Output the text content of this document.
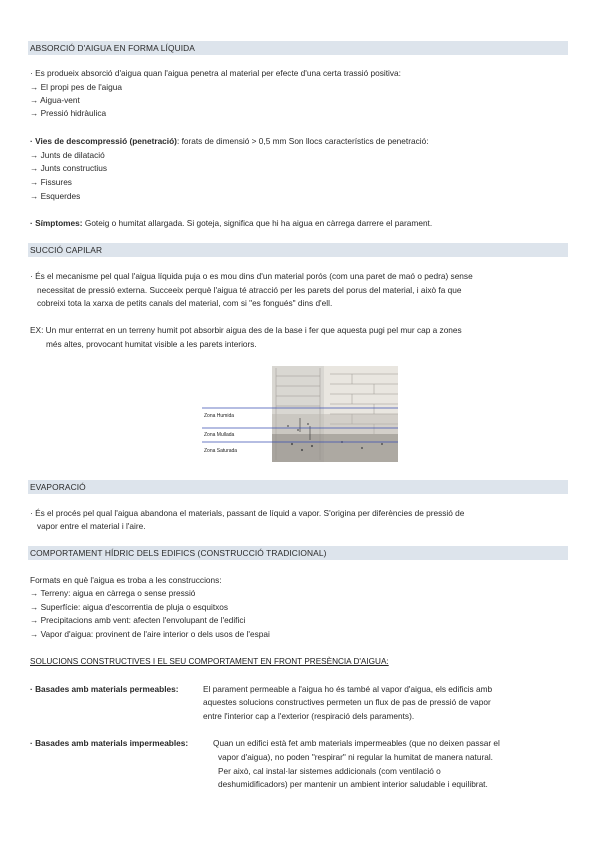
ABSORCIÓ D'AIGUA EN FORMA LÍQUIDA
· Es produeix absorció d'aigua quan l'aigua penetra al material per efecte d'una certa trassió positiva:
→ El propi pes de l'aigua
→ Aigua-vent
→ Pressió hidràulica
· Vies de descompressió (penetració): forats de dimensió > 0,5 mm Son llocs característics de penetració:
→ Junts de dilatació
→ Junts constructius
→ Fissures
→ Esquerdes
· Símptomes: Goteig o humitat allargada. Si goteja, significa que hi ha aigua en càrrega darrere el parament.
SUCCIÓ CAPILAR
· És el mecanisme pel qual l'aigua líquida puja o es mou dins d'un material porós (com una paret de maó o pedra) sense
necessitat de pressió externa. Succeeix perquè l'aigua té atracció per les parets del porus del material, i això fa que
cobreixi tota la xarxa de petits canals del material, com si "es fongués" dins d'ell.
EX: Un mur enterrat en un terreny humit pot absorbir aigua des de la base i fer que aquesta pugi pel mur cap a zones
més altes, provocant humitat visible a les parets interiors.
Zona Humida
Zona Mullada
Zona Saturada
EVAPORACIÓ
· És el procés pel qual l'aigua abandona el materials, passant de líquid a vapor. S'origina per diferències de pressió de
vapor entre el material i l'aire.
COMPORTAMENT HÍDRIC DELS EDIFICS (CONSTRUCCIÓ TRADICIONAL)
Formats en què l'aigua es troba a les construccions:
→ Terreny: aigua en càrrega o sense pressió
→ Superfície: aigua d'escorrentia de pluja o esquitxos
→ Precipitacions amb vent: afecten l'envolupant de l'edifici
→ Vapor d'aigua: provinent de l'aire interior o dels usos de l'espai
SOLUCIONS CONSTRUCTIVES I EL SEU COMPORTAMENT EN FRONT PRESÈNCIA D'AIGUA:
· Basades amb materials permeables:	El parament permeable a l'aigua ho és també al vapor d'aigua, els edificis amb
aquestes solucions constructives permeten un flux de pas de pressió de vapor
entre l'interior cap a l'exterior (respiració dels paraments).
· Basades amb materials impermeables:	Quan un edifici està fet amb materials impermeables (que no deixen passar el
vapor d'aigua), no poden "respirar" ni regular la humitat de manera natural.
Per això, cal instal·lar sistemes addicionals (com ventilació o
deshumidificadors) per mantenir un ambient interior saludable i equilibrat.
